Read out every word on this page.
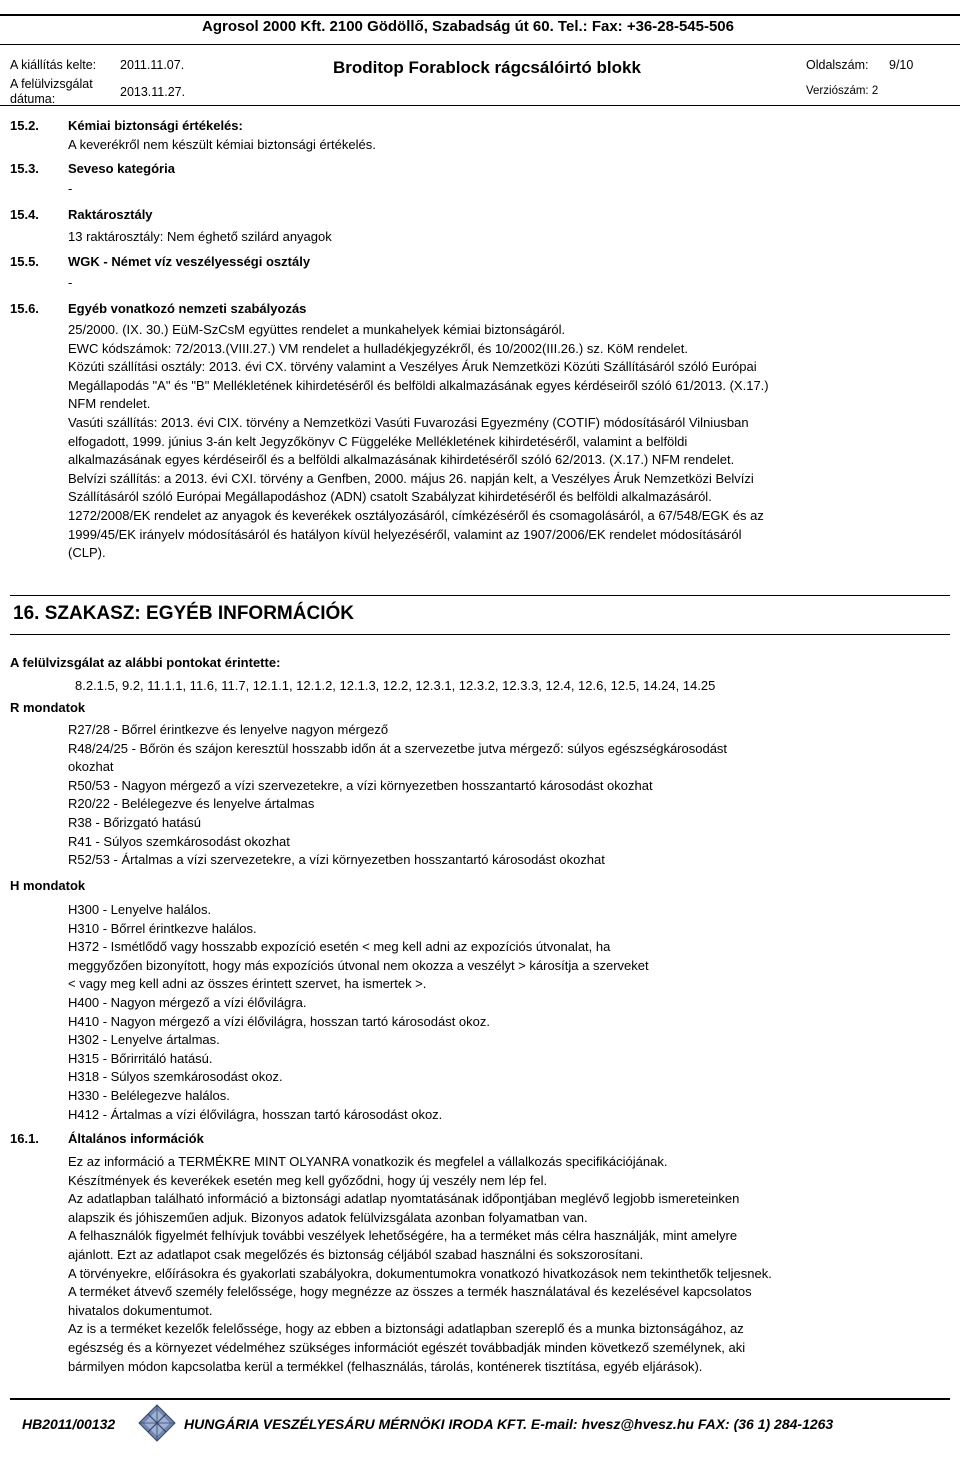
Agrosol 2000 Kft. 2100 Gödöllő, Szabadság út 60. Tel.: Fax: +36-28-545-506
A kiállítás kelte: 2011.11.07.
A felülvizsgálat
dátuma:	2013.11.27.
Broditop Forablock rágcsálóirtó blokk	Oldalszám: 9/10
Verziószám: 2
15.2. Kémiai biztonsági értékelés:
A keverékről nem készült kémiai biztonsági értékelés.
15.3. Seveso kategória
-
15.4. Raktárosztály
13 raktárosztály: Nem éghető szilárd anyagok
15.5. WGK - Német víz veszélyességi osztály
-
15.6. Egyéb vonatkozó nemzeti szabályozás
25/2000. (IX. 30.) EüM-SzCsM együttes rendelet a munkahelyek kémiai biztonságáról.
EWC kódszámok: 72/2013.(VIII.27.) VM rendelet a hulladékjegyzékről, és 10/2002(III.26.) sz. KöM rendelet.
Közúti szállítási osztály: 2013. évi CX. törvény valamint a Veszélyes Áruk Nemzetközi Közúti Szállításáról szóló Európai
Megállapodás "A" és "B" Mellékletének kihirdetéséről és belföldi alkalmazásának egyes kérdéseiről szóló 61/2013. (X.17.)
NFM rendelet.
Vasúti szállítás: 2013. évi CIX. törvény a Nemzetközi Vasúti Fuvarozási Egyezmény (COTIF) módosításáról Vilniusban
elfogadott, 1999. június 3-án kelt Jegyzőkönyv C Függeléke Mellékletének kihirdetéséről, valamint a belföldi
alkalmazásának egyes kérdéseiről és a belföldi alkalmazásának kihirdetéséről szóló 62/2013. (X.17.) NFM rendelet.
Belvízi szállítás: a 2013. évi CXI. törvény a Genfben, 2000. május 26. napján kelt, a Veszélyes Áruk Nemzetközi Belvízi
Szállításáról szóló Európai Megállapodáshoz (ADN) csatolt Szabályzat kihirdetéséről és belföldi alkalmazásáról.
1272/2008/EK rendelet az anyagok és keverékek osztályozásáról, címkézéséről és csomagolásáról, a 67/548/EGK és az
1999/45/EK irányelv módosításáról és hatályon kívül helyezéséről, valamint az 1907/2006/EK rendelet módosításáról
(CLP).
16. SZAKASZ: EGYÉB INFORMÁCIÓK
A felülvizsgálat az alábbi pontokat érintette:
8.2.1.5, 9.2, 11.1.1, 11.6, 11.7, 12.1.1, 12.1.2, 12.1.3, 12.2, 12.3.1, 12.3.2, 12.3.3, 12.4, 12.6, 12.5, 14.24, 14.25
R mondatok
R27/28 - Bőrrel érintkezve és lenyelve nagyon mérgező
R48/24/25 - Bőrön és szájon keresztül hosszabb időn át a szervezetbe jutva mérgező: súlyos egészségkárosodást
okozhat
R50/53 - Nagyon mérgező a vízi szervezetekre, a vízi környezetben hosszantartó károsodást okozhat
R20/22 - Belélegezve és lenyelve ártalmas
R38 - Bőrizgató hatású
R41 - Súlyos szemkárosodást okozhat
R52/53 - Ártalmas a vízi szervezetekre, a vízi környezetben hosszantartó károsodást okozhat
H mondatok
H300 - Lenyelve halálos.
H310 - Bőrrel érintkezve halálos.
H372 - Ismétlődő vagy hosszabb expozíció esetén < meg kell adni az expozíciós útvonalat, ha
meggyőzően bizonyított, hogy más expozíciós útvonal nem okozza a veszélyt > károsítja a szerveket
< vagy meg kell adni az összes érintett szervet, ha ismertek >.
H400 - Nagyon mérgező a vízi élővilágra.
H410 - Nagyon mérgező a vízi élővilágra, hosszan tartó károsodást okoz.
H302 - Lenyelve ártalmas.
H315 - Bőrirritáló hatású.
H318 - Súlyos szemkárosodást okoz.
H330 - Belélegezve halálos.
H412 - Ártalmas a vízi élővilágra, hosszan tartó károsodást okoz.
16.1. Általános információk
Ez az információ a TERMÉKRE MINT OLYANRA vonatkozik és megfelel a vállalkozás specifikációjának.
Készítmények és keverékek esetén meg kell győződni, hogy új veszély nem lép fel.
Az adatlapban található információ a biztonsági adatlap nyomtatásának időpontjában meglévő legjobb ismereteinken
alapszik és jóhiszeműen adjuk. Bizonyos adatok felülvizsgálata azonban folyamatban van.
A felhasználók figyelmét felhívjuk további veszélyek lehetőségére, ha a terméket más célra használják, mint amelyre
ajánlott. Ezt az adatlapot csak megelőzés és biztonság céljából szabad használni és sokszorosítani.
A törvényekre, előírásokra és gyakorlati szabályokra, dokumentumokra vonatkozó hivatkozások nem tekinthetők teljesnek.
A terméket átvevő személy felelőssége, hogy megnézze az összes a termék használatával és kezelésével kapcsolatos
hivatalos dokumentumot.
Az is a terméket kezelők felelőssége, hogy az ebben a biztonsági adatlapban szereplő és a munka biztonságához, az
egészség és a környezet védelméhez szükséges információt egészét továbbadják minden következő személynek, aki
bármilyen módon kapcsolatba kerül a termékkel (felhasználás, tárolás, konténerek tisztítása, egyéb eljárások).
HB2011/00132	HUNGÁRIA VESZÉLYESÁRU MÉRNÖKI IRODA KFT. E-mail: hvesz@hvesz.hu FAX: (36 1) 284-1263
